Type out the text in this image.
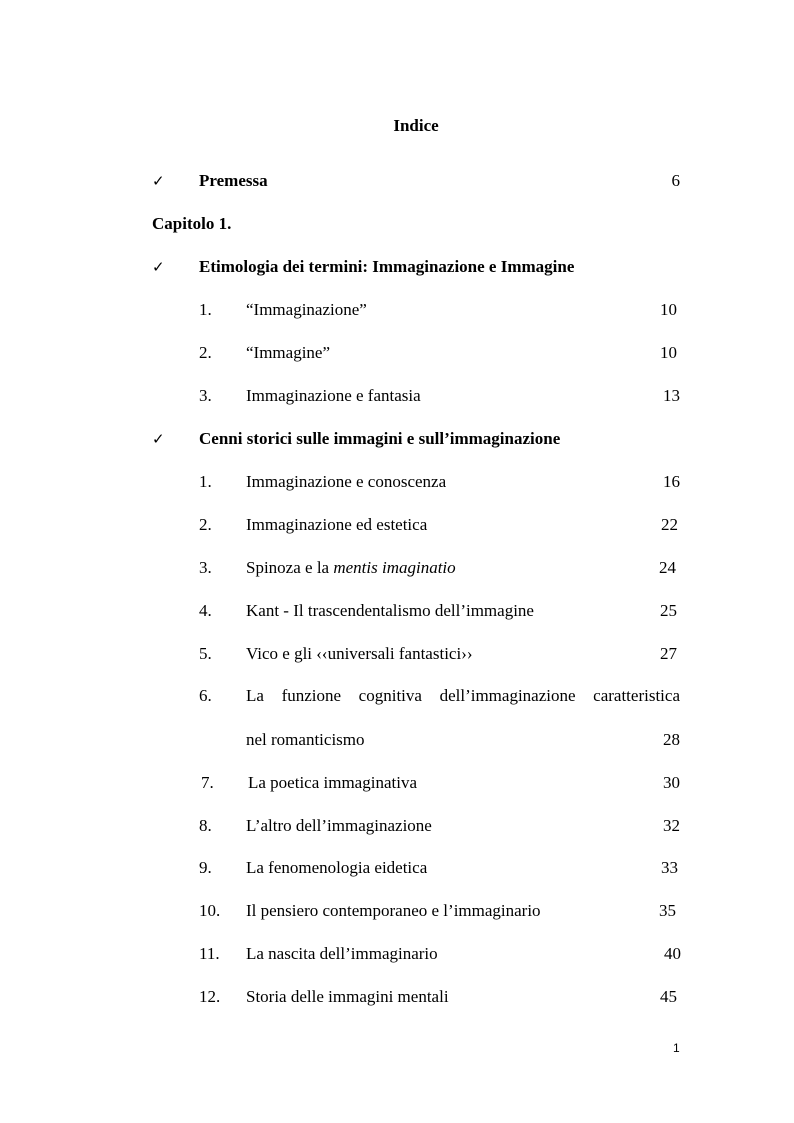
Indice
✓ Premessa	6
Capitolo 1.
✓ Etimologia dei termini: Immaginazione e Immagine
1. “Immaginazione”	10
2. “Immagine”	10
3. Immaginazione e fantasia	13
✓ Cenni storici sulle immagini e sull’immaginazione
1. Immaginazione e conoscenza	16
2. Immaginazione ed estetica	22
3. Spinoza e la mentis imaginatio	24
4. Kant - Il trascendentalismo dell’immagine	25
5. Vico e gli ‹‹universali fantastici››	27
6. La funzione cognitiva dell’immaginazione caratteristica
nel romanticismo	28
7. La poetica immaginativa	30
8. L’altro dell’immaginazione	32
9. La fenomenologia eidetica	33
10. Il pensiero contemporaneo e l’immaginario	35
11. La nascita dell’immaginario	40
12. Storia delle immagini mentali	45
1
